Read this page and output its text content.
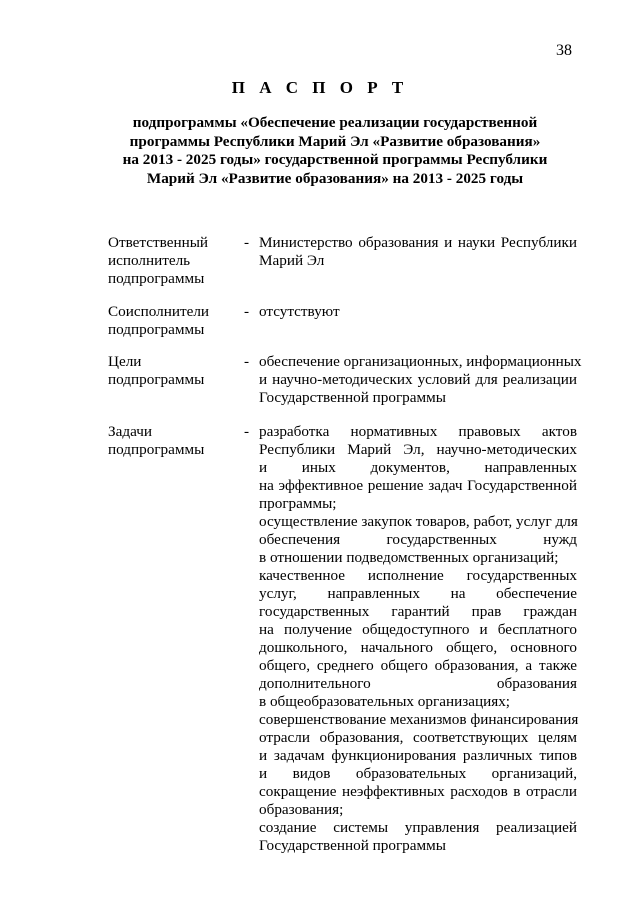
38
П А С П О Р Т
подпрограммы «Обеспечение реализации государственной
программы Республики Марий Эл «Развитие образования»
на 2013 - 2025 годы» государственной программы Республики
Марий Эл «Развитие образования» на 2013 - 2025 годы
Ответственный
исполнитель
подпрограммы
- Министерство образования и науки Республики
Марий Эл
Соисполнители
подпрограммы
- отсутствуют
Цели
подпрограммы
- обеспечение организационных, информационных
и научно-методических условий для реализации
Государственной программы
Задачи
подпрограммы
- разработка нормативных правовых актов
Республики Марий Эл, научно-методических
и иных документов, направленных
на эффективное решение задач Государственной
программы;
осуществление закупок товаров, работ, услуг для
обеспечения государственных нужд
в отношении подведомственных организаций;
качественное исполнение государственных
услуг, направленных на обеспечение
государственных гарантий прав граждан
на получение общедоступного и бесплатного
дошкольного, начального общего, основного
общего, среднего общего образования, а также
дополнительного образования
в общеобразовательных организациях;
совершенствование механизмов финансирования
отрасли образования, соответствующих целям
и задачам функционирования различных типов
и видов образовательных организаций,
сокращение неэффективных расходов в отрасли
образования;
создание системы управления реализацией
Государственной программы
